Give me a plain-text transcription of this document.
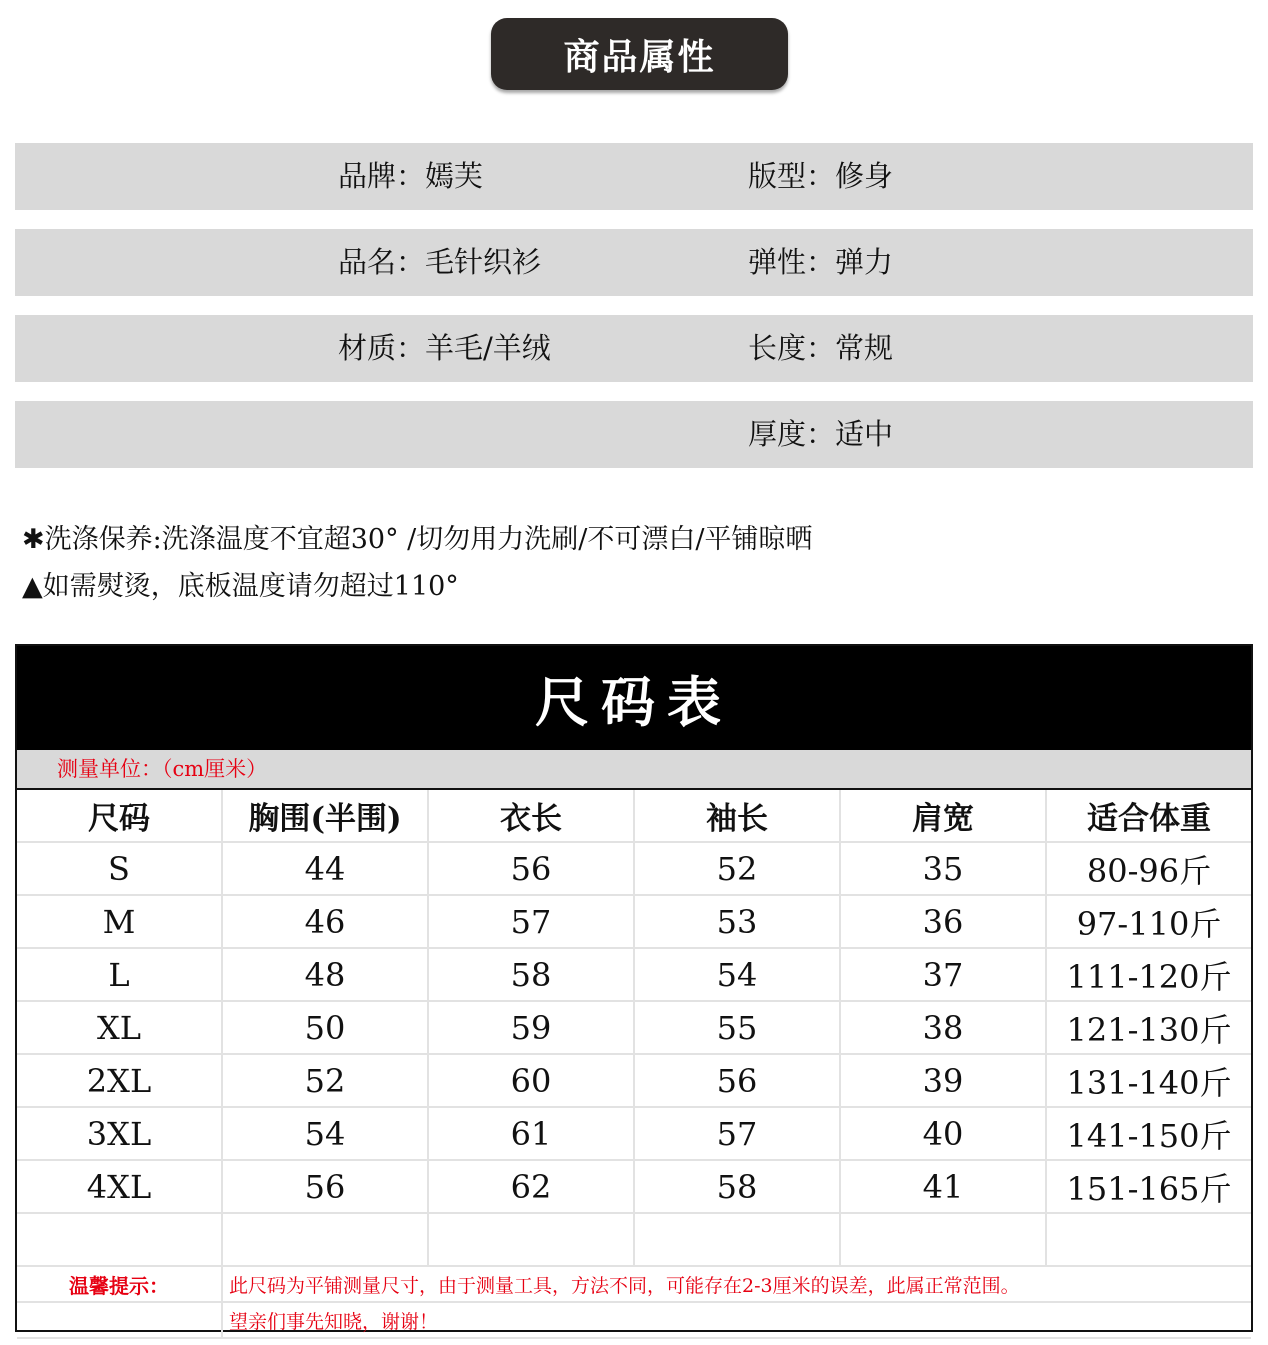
商品属性
品牌：嫣芙	版型：修身
品名：毛针织衫	弹性：弹力
材质：羊毛/羊绒	长度：常规
厚度：适中
✱洗涤保养:洗涤温度不宜超30° /切勿用力洗刷/不可漂白/平铺晾晒
▲如需熨烫，底板温度请勿超过110°
尺码表
测量单位：（cm厘米）
尺码	胸围(半围)	衣长	袖长	肩宽	适合体重
S	44	56	52	35	80-96斤
M	46	57	53	36	97-110斤
L	48	58	54	37	111-120斤
XL	50	59	55	38	121-130斤
2XL	52	60	56	39	131-140斤
3XL	54	61	57	40	141-150斤
4XL	56	62	58	41	151-165斤

温馨提示：	此尺码为平铺测量尺寸，由于测量工具，方法不同，可能存在2-3厘米的误差，此属正常范围。				
	望亲们事先知晓，谢谢！				
